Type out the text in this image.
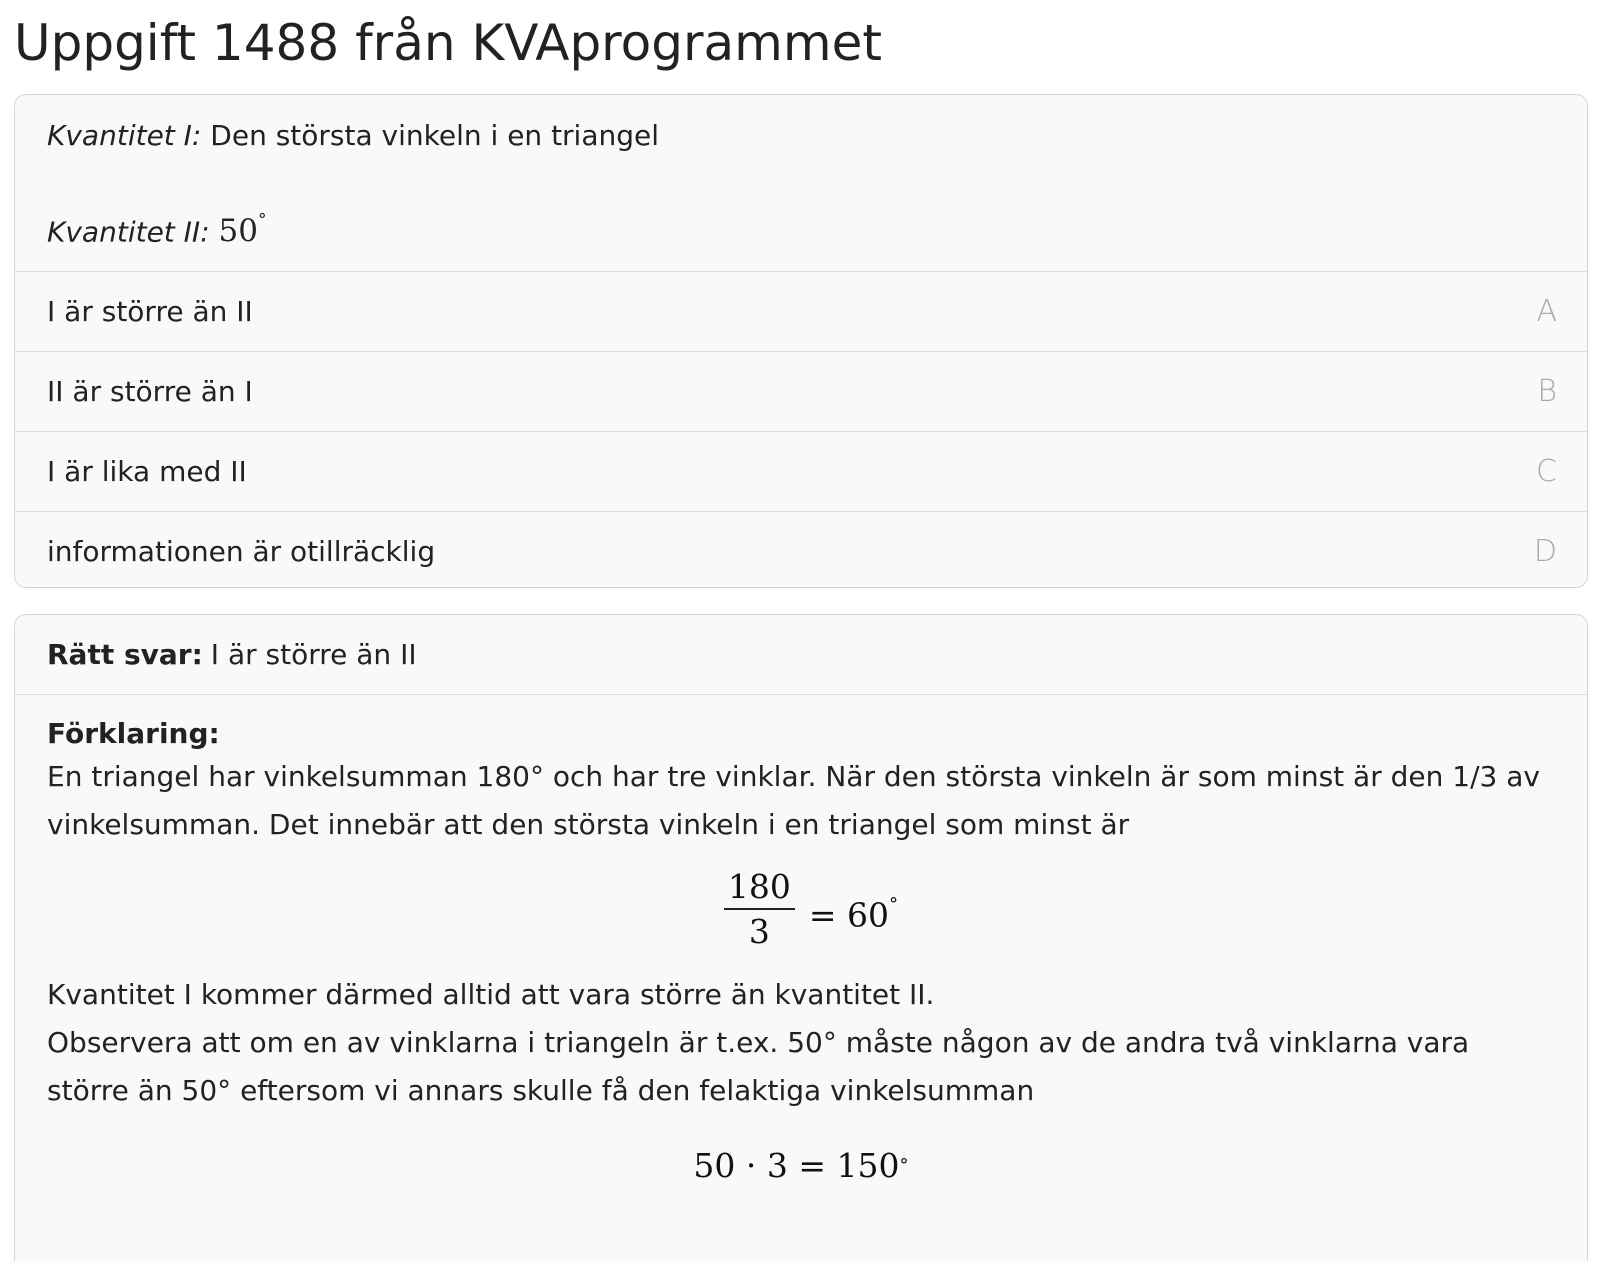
Uppgift 1488 från KVAprogrammet
Kvantitet I: Den största vinkeln i en triangel
Kvantitet II: 50°
I är större än II	A
II är större än I	B
I är lika med II	C
informationen är otillräcklig	D
Rätt svar: I är större än II
Förklaring:

En triangel har vinkelsumman 180° och har tre vinklar. När den största vinkeln är som minst är den 1/3 av vinkelsumman. Det innebär att den största vinkeln i en triangel som minst är

$\frac{180}{3} = 60^\circ$

Kvantitet I kommer därmed alltid att vara större än kvantitet II.

Observera att om en av vinklarna i triangeln är t.ex. 50° måste någon av de andra två vinklarna vara större än 50° eftersom vi annars skulle få den felaktiga vinkelsumman

50 · 3 = 150 °
